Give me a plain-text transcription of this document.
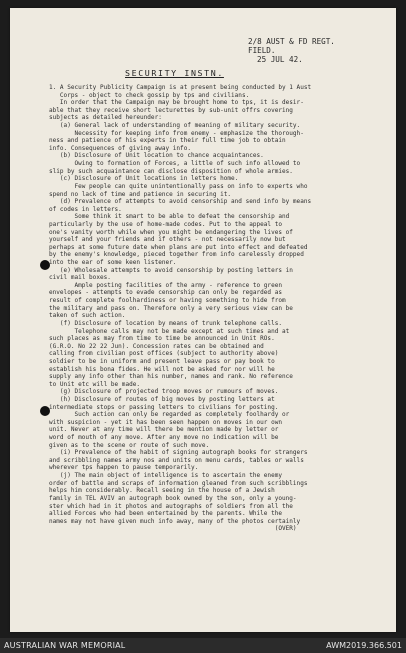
2/8 AUST & FD REGT.
FIELD.
25 JUL 42.
SECURITY INSTN.
1. A Security Publicity Campaign is at present being conducted by 1 Aust
Corps - object to check gossip by tps and civilians.
In order that the Campaign may be brought home to tps, it is desir-
able that they receive short lecturettes by sub-unit offrs covering
subjects as detailed hereunder:
(a) General lack of understanding of meaning of military security.
Necessity for keeping info from enemy - emphasize the thorough-
ness and patience of his experts in their full time job to obtain
info. Consequences of giving away info.
(b) Disclosure of Unit location to chance acquaintances.
Owing to formation of Forces, a little of such info allowed to
slip by such acquaintance can disclose disposition of whole armies.
(c) Disclosure of Unit locations in letters home.
Few people can quite unintentionally pass on info to experts who
spend no lack of time and patience in securing it.
(d) Prevalence of attempts to avoid censorship and send info by means
of codes in letters.
Some think it smart to be able to defeat the censorship and
particularly by the use of home-made codes. Put to the appeal to
one's vanity worth while when you might be endangering the lives of
yourself and your friends and if others - not necessarily now but
perhaps at some future date when plans are put into effect and defeated
by the enemy's knowledge, pieced together from info carelessly dropped
into the ear of some keen listener.
(e) Wholesale attempts to avoid censorship by posting letters in
civil mail boxes.
Ample posting facilities of the army - reference to green
envelopes - attempts to evade censorship can only be regarded as
result of complete foolhardiness or having something to hide from
the military and pass on. Therefore only a very serious view can be
taken of such action.
(f) Disclosure of location by means of trunk telephone calls.
Telephone calls may not be made except at such times and at
such places as may from time to time be announced in Unit ROs.
(G.R.O. No 22 22 Jun). Concession rates can be obtained and
calling from civilian post offices (subject to authority above)
soldier to be in uniform and present leave pass or pay book to
establish his bona fides. He will not be asked for nor will he
supply any info other than his number, names and rank. No reference
to Unit etc will be made.
(g) Disclosure of projected troop moves or rumours of moves.
(h) Disclosure of routes of big moves by posting letters at
intermediate stops or passing letters to civilians for posting.
Such action can only be regarded as completely foolhardy or
with suspicion - yet it has been seen happen on moves in our own
unit. Never at any time will there be mention made by letter or
word of mouth of any move. After any move no indication will be
given as to the scene or route of such move.
(i) Prevalence of the habit of signing autograph books for strangers
and scribbling names army nos and units on menu cards, tables or walls
wherever tps happen to pause temporarily.
(j) The main object of intelligence is to ascertain the enemy
order of battle and scraps of information gleaned from such scribblings
helps him considerably. Recall seeing in the house of a Jewish
family in TEL AVIV an autograph book owned by the son, only a young-
ster which had in it photos and autographs of soldiers from all the
allied Forces who had been entertained by the parents. While the
names may not have given much info away, many of the photos certainly
(OVER)
AUSTRALIAN WAR MEMORIAL	AWM2019.366.501
